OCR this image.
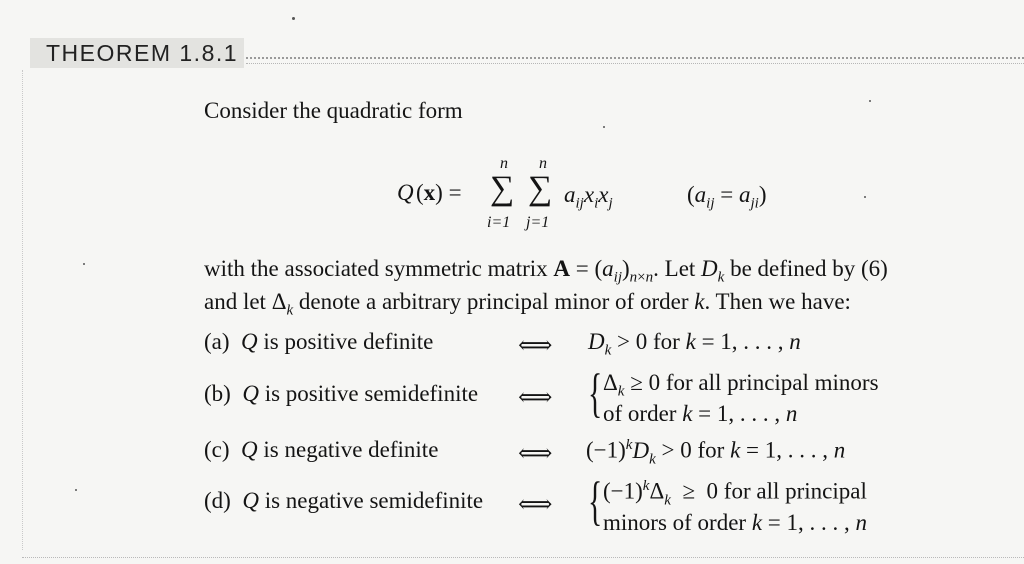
THEOREM 1.8.1
Consider the quadratic form
Q (x) =
n
∑
i=1
n
∑
j=1
$a_{ij}x_ix_j$	$(a_{ij} = a_{ji})$
with the associated symmetric matrix $A = (a_{ij})_{n\times n}$. Let $D_k$ be defined by (6)
and let $\Delta_k$ denote a arbitrary principal minor of order k. Then we have:
(a)  Q is positive definite	⟺ $D_k > 0$ for k = 1, . . . , n
(b)  Q is positive semidefinite ⟺ { $\Delta_k \ge 0$ for all principal minors
of order k = 1, . . . , n
(c)  Q is negative definite	⟺ $(-1)^kD_k > 0$ for k = 1, . . . , n
(d)  Q is negative semidefinite ⟺ { $(-1)^k\Delta_k \ge 0$ for all principal
minors of order k = 1, . . . , n
